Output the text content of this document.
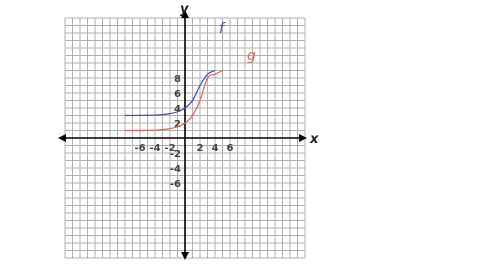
x
y
-6 -4 -2 2 4 6
8
6
4
2
-2
-4
-6
f
g
